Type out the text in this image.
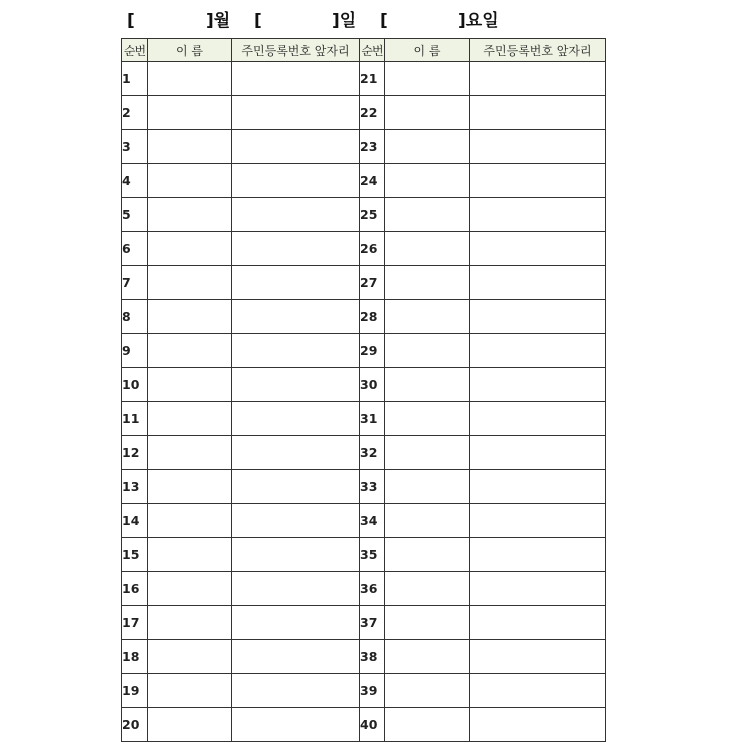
[	]월 [	]일 [	]요일
순번	이 름	주민등록번호 앞자리	순번	이 름	주민등록번호 앞자리
1			21		
2			22		
3			23		
4			24		
5			25		
6			26		
7			27		
8			28		
9			29		
10			30		
11			31		
12			32		
13			33		
14			34		
15			35		
16			36		
17			37		
18			38		
19			39		
20			40		
